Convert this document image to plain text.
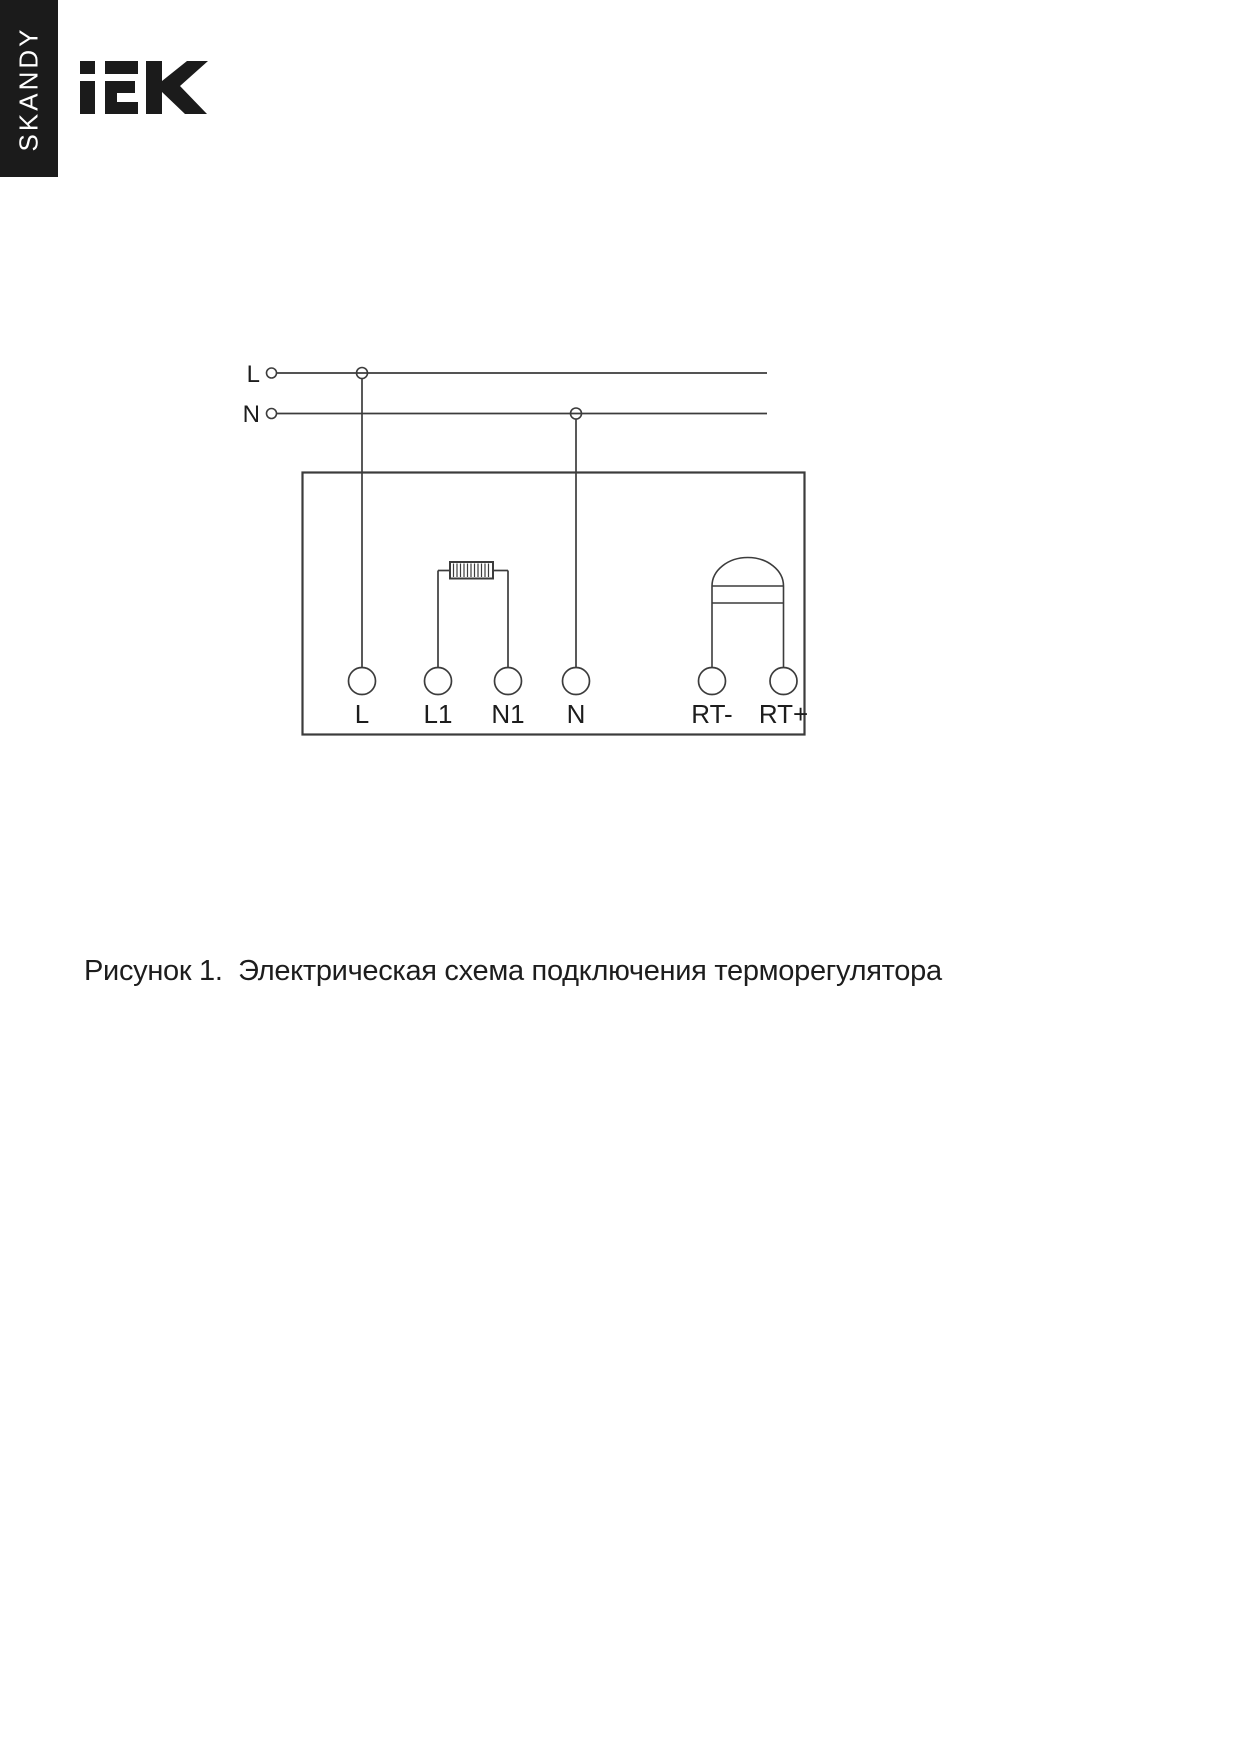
SKANDY
L
N
L L1 N1 N	RT- RT+
Рисунок 1.  Электрическая схема подключения терморегулятора
